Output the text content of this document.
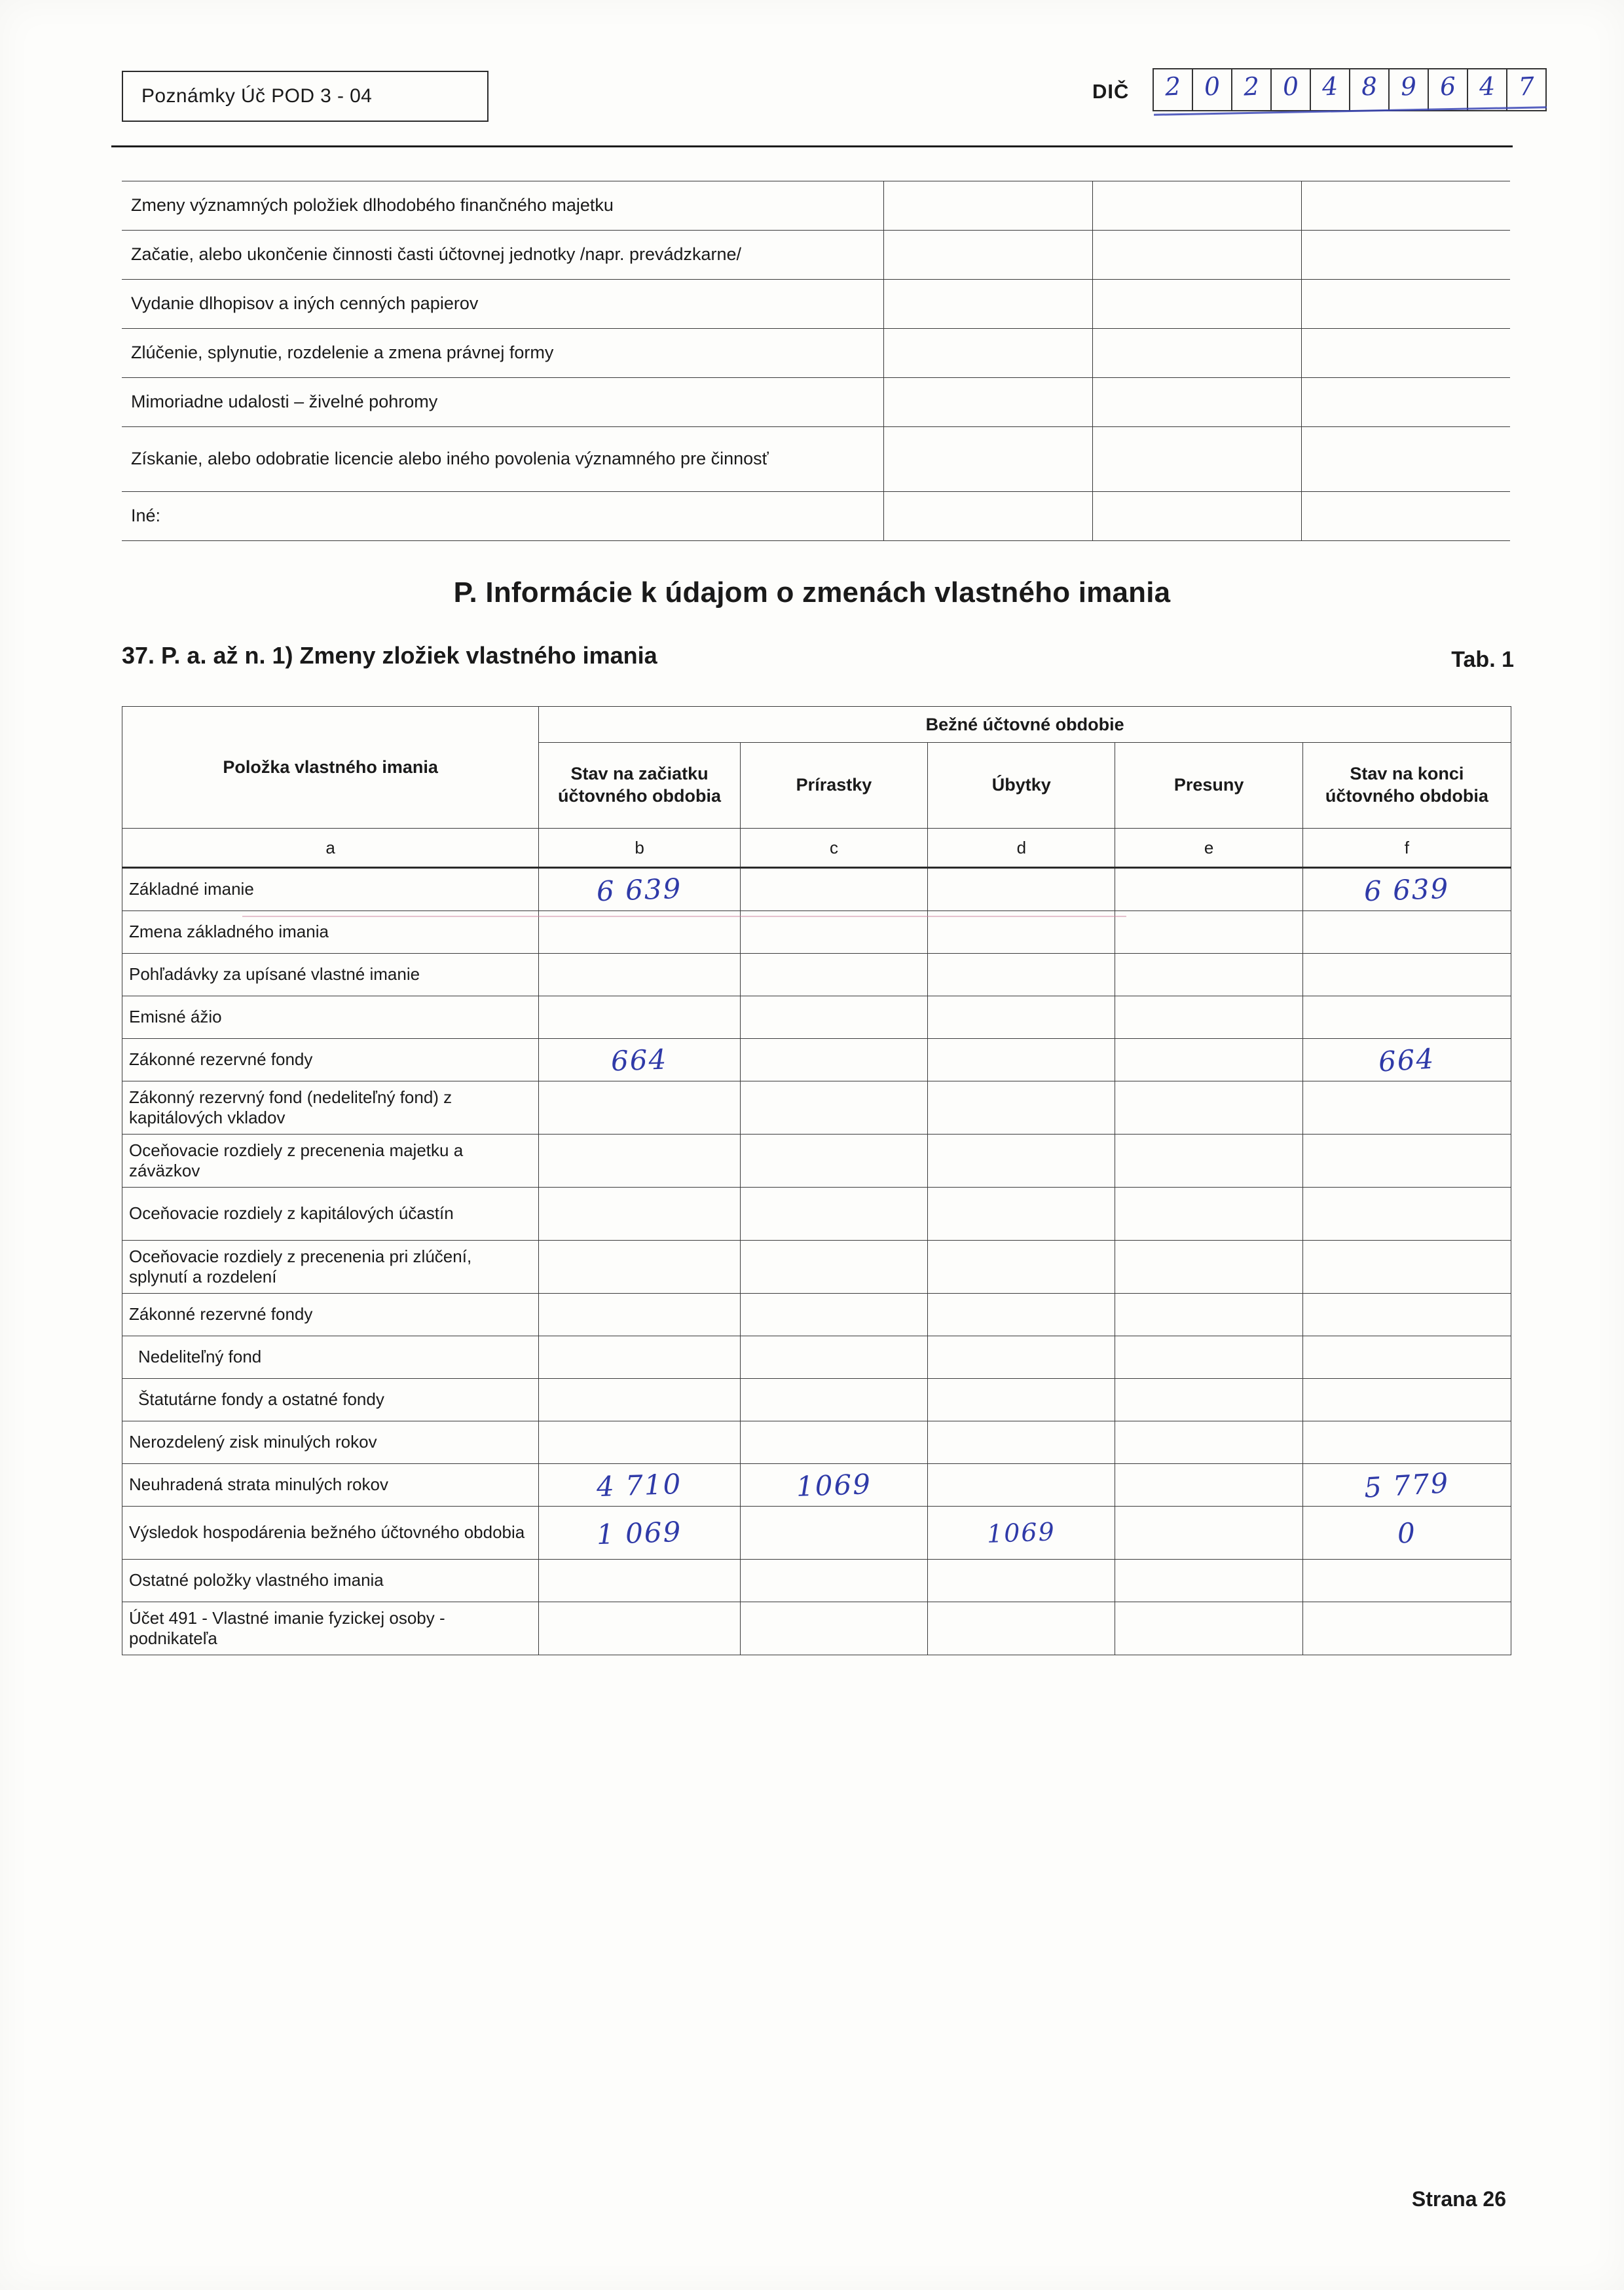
Poznámky Úč POD 3 - 04	DIČ	2 0 2 0 4 8 9 6 4 7
Zmeny významných položiek dlhodobého finančného majetku			
Začatie, alebo ukončenie činnosti časti účtovnej jednotky /napr. prevádzkarne/			
Vydanie dlhopisov a iných cenných papierov			
Zlúčenie, splynutie, rozdelenie a zmena právnej formy			
Mimoriadne udalosti – živelné pohromy			
Získanie, alebo odobratie licencie alebo iného povolenia významného pre činnosť			
Iné:			
P. Informácie k údajom o zmenách vlastného imania
37. P. a. až n. 1) Zmeny zložiek vlastného imania	Tab. 1
Položka vlastného imania	Bežné účtovné obdobie				
	Stav na začiatku účtovného obdobia	Prírastky	Úbytky	Presuny	Stav na konci účtovného obdobia
a	b	c	d	e	f
Základné imanie	6 639				6 639
Zmena základného imania					
Pohľadávky za upísané vlastné imanie					
Emisné ážio					
Zákonné rezervné fondy	664				664
Zákonný rezervný fond (nedeliteľný fond) z kapitálových vkladov					
Oceňovacie rozdiely z precenenia majetku a záväzkov					
Oceňovacie rozdiely z kapitálových účastín					
Oceňovacie rozdiely z precenenia pri zlúčení, splynutí a rozdelení					
Zákonné rezervné fondy					
Nedeliteľný fond					
Štatutárne fondy a ostatné fondy					
Nerozdelený zisk minulých rokov					
Neuhradená strata minulých rokov	4 710	1069			5 779
Výsledok hospodárenia bežného účtovného obdobia	1 069		1069		0
Ostatné položky vlastného imania					
Účet 491 - Vlastné imanie fyzickej osoby - podnikateľa					
Strana 26
